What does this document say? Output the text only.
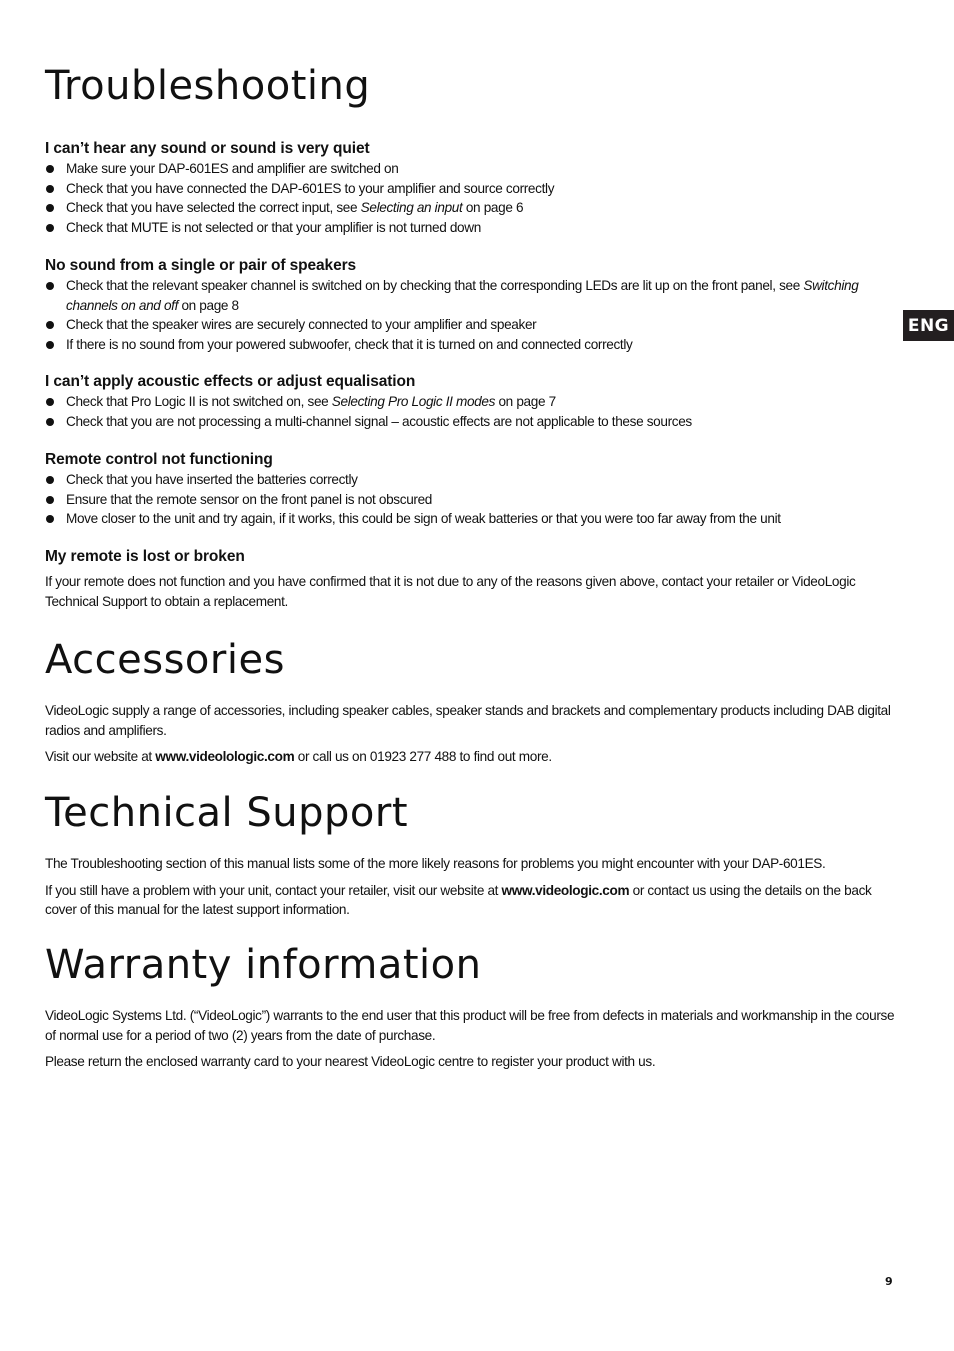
Troubleshooting
I can’t hear any sound or sound is very quiet
Make sure your DAP-601ES and amplifier are switched on
Check that you have connected the DAP-601ES to your amplifier and source correctly
Check that you have selected the correct input, see Selecting an input on page 6
Check that MUTE is not selected or that your amplifier is not turned down
No sound from a single or pair of speakers
Check that the relevant speaker channel is switched on by checking that the corresponding LEDs are lit up on the front panel, see Switching channels on and off on page 8
Check that the speaker wires are securely connected to your amplifier and speaker
If there is no sound from your powered subwoofer, check that it is turned on and connected correctly
I can’t apply acoustic effects or adjust equalisation
Check that Pro Logic II is not switched on, see Selecting Pro Logic II modes on page 7
Check that you are not processing a multi-channel signal – acoustic effects are not applicable to these sources
Remote control not functioning
Check that you have inserted the batteries correctly
Ensure that the remote sensor on the front panel is not obscured
Move closer to the unit and try again, if it works, this could be sign of weak batteries or that you were too far away from the unit
My remote is lost or broken

If your remote does not function and you have confirmed that it is not due to any of the reasons given above, contact your retailer or VideoLogic Technical Support to obtain a replacement.

Accessories

VideoLogic supply a range of accessories, including speaker cables, speaker stands and brackets and complementary products including DAB digital radios and amplifiers.

Visit our website at www.videolologic.com or call us on 01923 277 488 to find out more.

Technical Support

The Troubleshooting section of this manual lists some of the more likely reasons for problems you might encounter with your DAP-601ES.

If you still have a problem with your unit, contact your retailer, visit our website at www.videologic.com or contact us using the details on the back cover of this manual for the latest support information.

Warranty information

VideoLogic Systems Ltd. (“VideoLogic”) warrants to the end user that this product will be free from defects in materials and workmanship in the course of normal use for a period of two (2) years from the date of purchase.

Please return the enclosed warranty card to your nearest VideoLogic centre to register your product with us.

ENG
9
